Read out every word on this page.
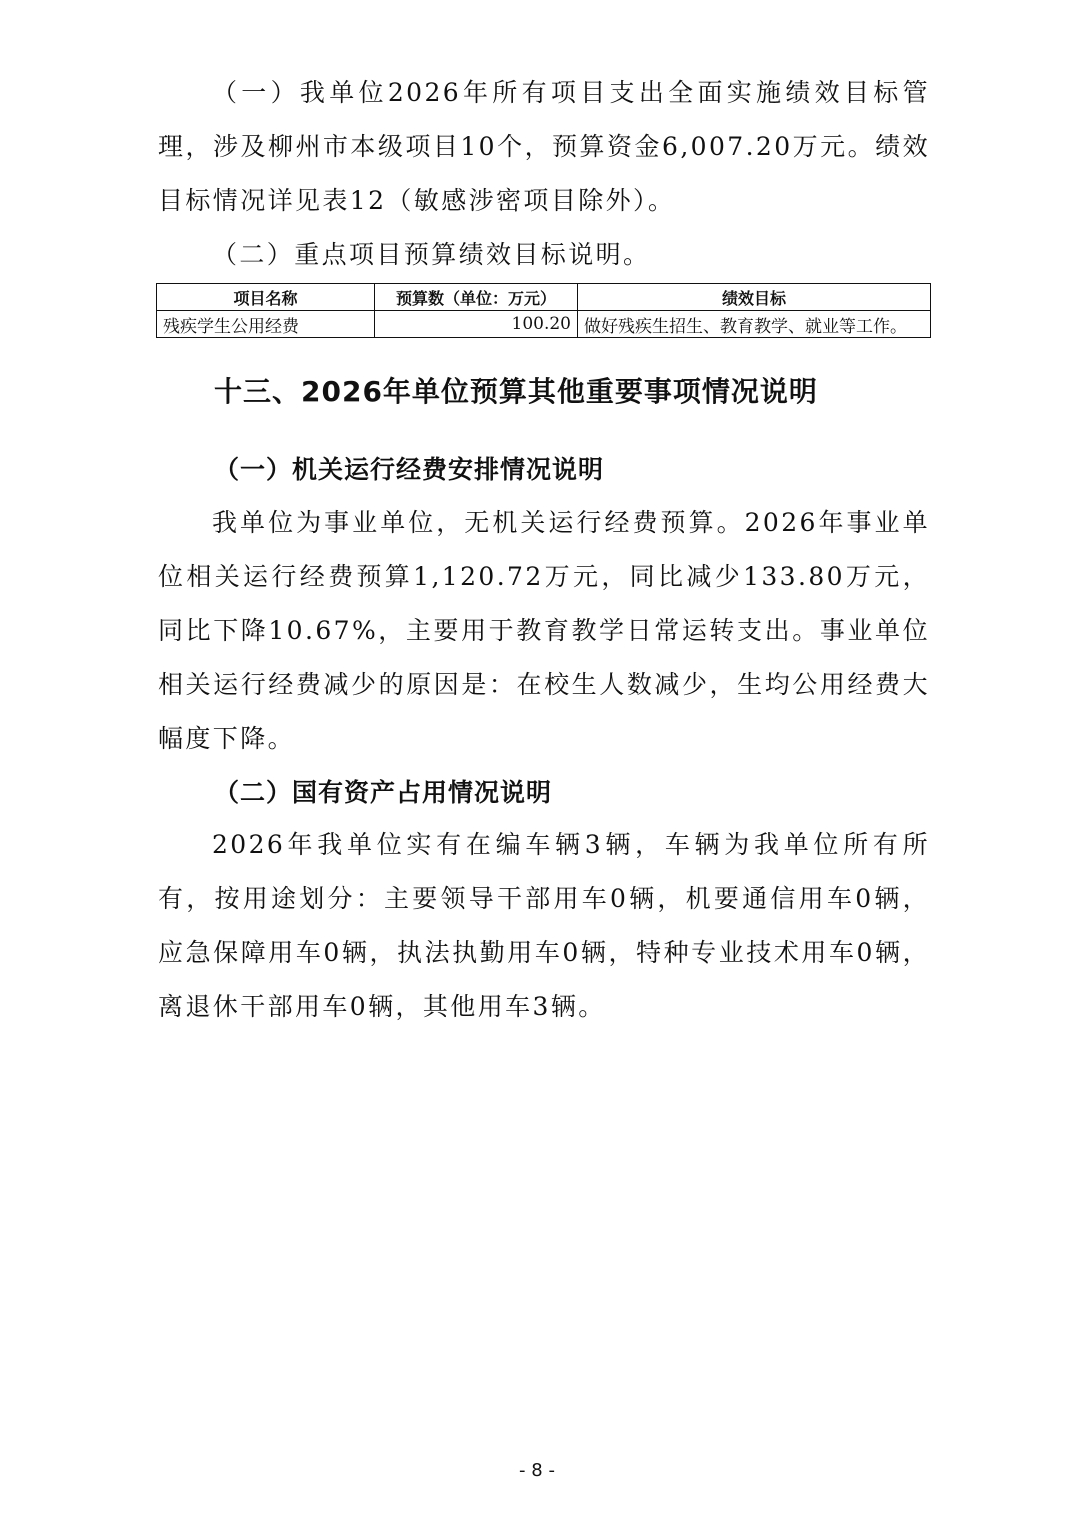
（一）我单位2026年所有项目支出全面实施绩效目标管理，涉及柳州市本级项目10个，预算资金6,007.20万元。绩效目标情况详见表12（敏感涉密项目除外）。

（二）重点项目预算绩效目标说明。

项目名称	预算数（单位：万元）	绩效目标
残疾学生公用经费	100.20	做好残疾生招生、教育教学、就业等工作。
十三、2026年单位预算其他重要事项情况说明
（一）机关运行经费安排情况说明

我单位为事业单位，无机关运行经费预算。2026年事业单位相关运行经费预算1,120.72万元，同比减少133.80万元，同比下降10.67%，主要用于教育教学日常运转支出。事业单位相关运行经费减少的原因是：在校生人数减少，生均公用经费大幅度下降。

（二）国有资产占用情况说明

2026年我单位实有在编车辆3辆，车辆为我单位所有所有，按用途划分：主要领导干部用车0辆，机要通信用车0辆，应急保障用车0辆，执法执勤用车0辆，特种专业技术用车0辆，离退休干部用车0辆，其他用车3辆。

- 8 -
